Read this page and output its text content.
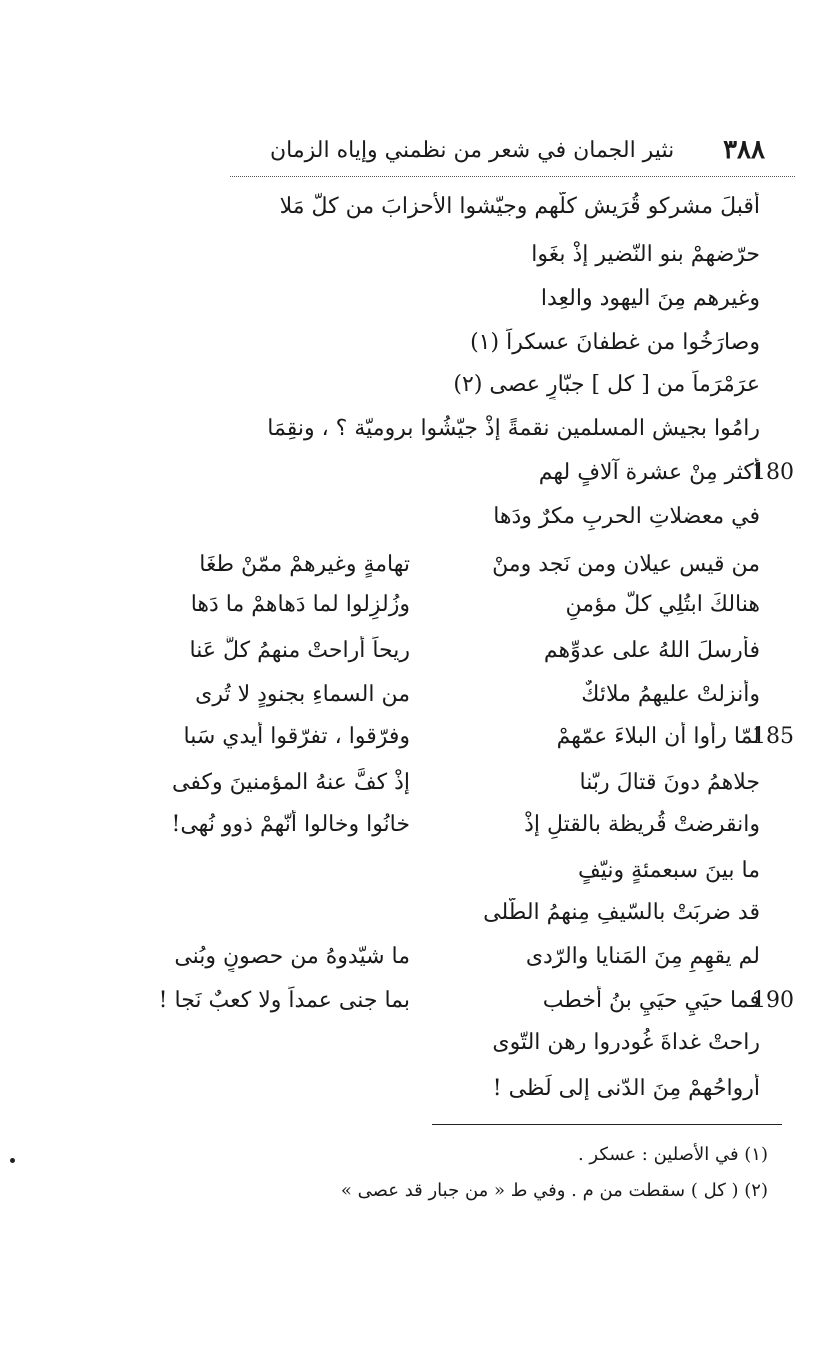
٣٨٨
نثير الجمان في شعر من نظمني وإياه الزمان
أقبلَ مشركو قُرَيش كلّهم وجيّشوا الأحزابَ من كلّ مَلا
حرّضهمْ بنو النّضير إذْ بغَوا
وغيرهم مِنَ اليهود والعِدا
وصارَخُوا من غطفانَ عسكراً (١)
عرَمْرَماً من [ كل ] جبّارٍ عصى (٢)
رامُوا بجيش المسلمين نقمةً إذْ جيّشُوا بروميّة ؟ ، ونقِمَا
أكثر مِنْ عشرة آلافٍ لهم
180
في معضلاتِ الحربِ مكرٌ ودَها
من قيس عيلان ومن نَجد ومنْ
تهامةٍ وغيرهمْ ممّنْ طغَا
هنالكَ ابتُلِي كلّ مؤمنٍ
وزُلزِلوا لما دَهاهمْ ما دَها
فأرسلَ اللهُ على عدوِّهم
ريحاً أراحتْ منهمُ كلَّ عَنا
وأنزلتْ عليهمُ ملائكٌ
من السماءِ بجنودٍ لا تُرى
لمّا رأوا أن البلاءَ عمّهمْ
وفرّقوا ، تفرّقوا أيدي سَبا	185
جلاهمُ دونَ قتالَ ربّنا
إذْ كفَّ عنهُ المؤمنينَ وكفى
وانقرضتْ قُريظة بالقتلِ إذْ
خانُوا وخالوا أنّهمْ ذوو نُهى!
ما بينَ سبعمئةٍ ونيّفٍ
قد ضربَتْ بالسّيفِ مِنهمُ الطُّلى
لم يقهِمِ مِنَ المَنايا والرّدى
ما شيّدوهُ من حصونٍ وبُنى
فما حيَيِ حيَيِ بنُ أخطب
بما جنى عمداً ولا كعبٌ نَجا !	190
راحتْ غداةَ غُودروا رهن التّوى
أرواحُهمْ مِنَ الدّنى إلى لَظى !
(١) في الأصلين : عسكر .
(٢) ( كل ) سقطت من م . وفي ط « من جبار قد عصى »
